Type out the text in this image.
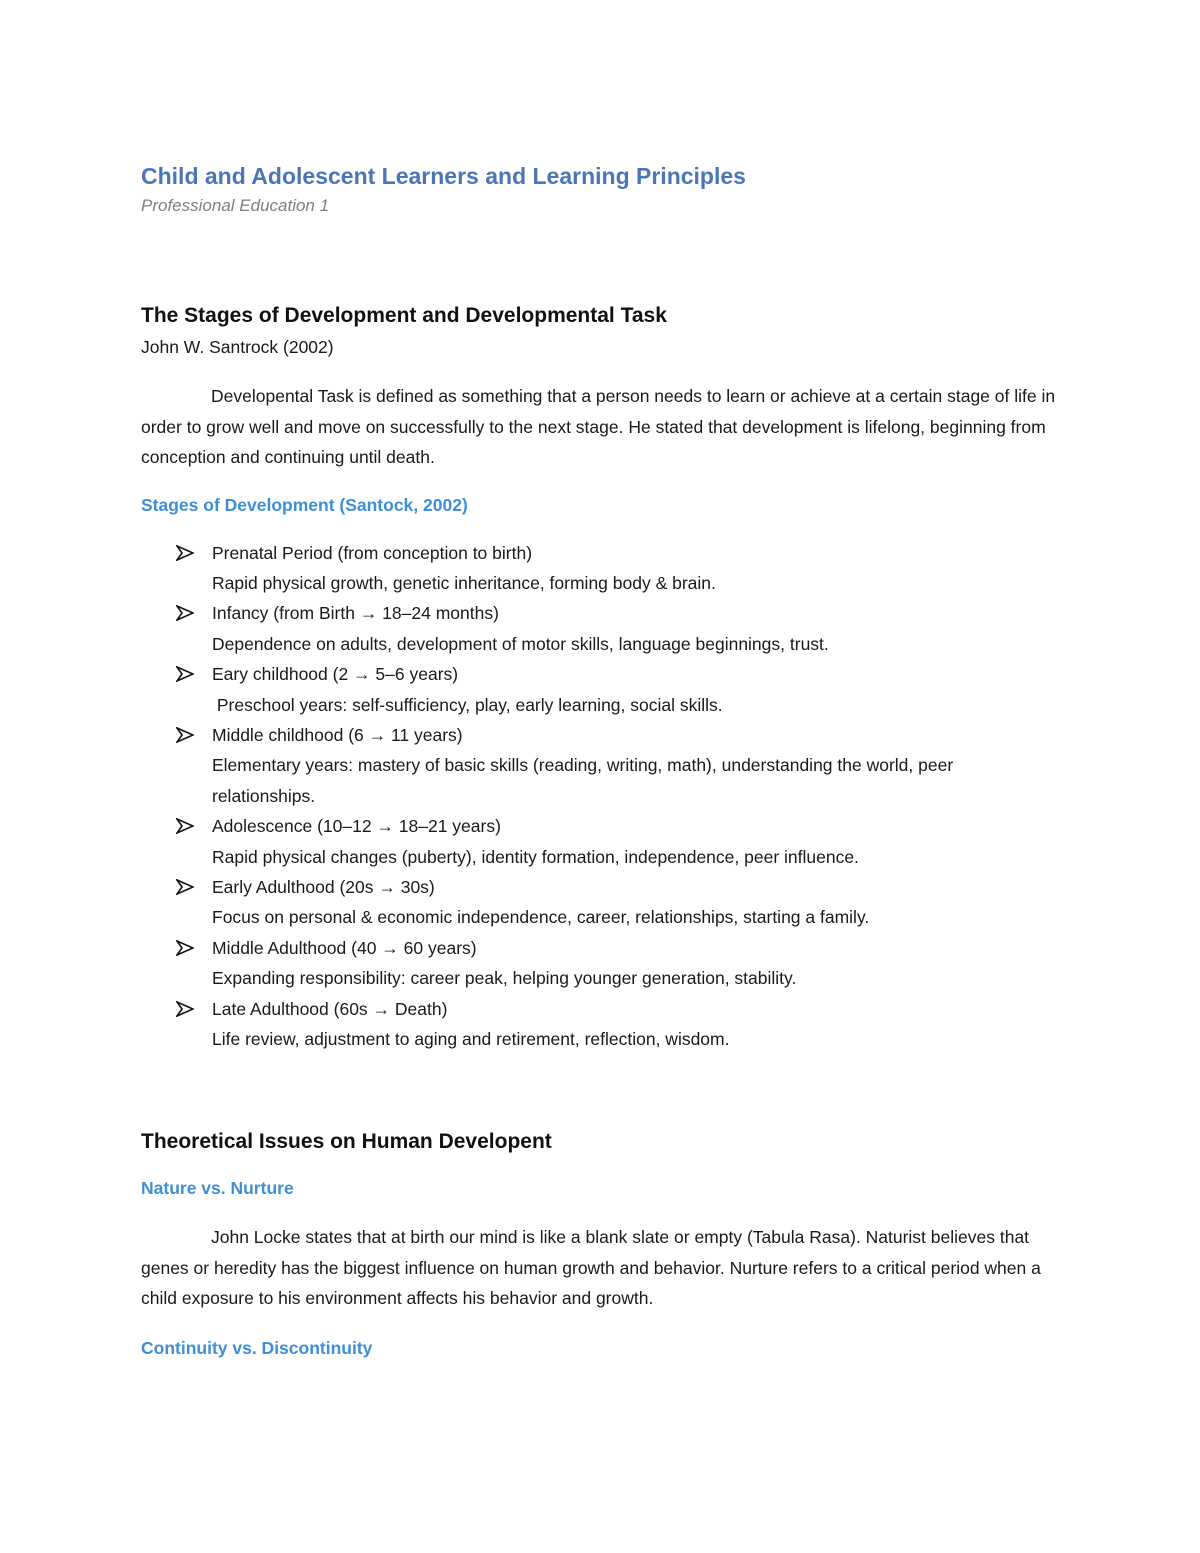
Child and Adolescent Learners and Learning Principles
Professional Education 1
The Stages of Development and Developmental Task
John W. Santrock (2002)

Developental Task is defined as something that a person needs to learn or achieve at a certain stage of life in order to grow well and move on successfully to the next stage. He stated that development is lifelong, beginning from conception and continuing until death.

Stages of Development (Santock, 2002)
Prenatal Period (from conception to birth)
Rapid physical growth, genetic inheritance, forming body & brain.
Infancy (from Birth → 18–24 months)
Dependence on adults, development of motor skills, language beginnings, trust.
Eary childhood (2 → 5–6 years)
Preschool years: self-sufficiency, play, early learning, social skills.
Middle childhood (6 → 11 years)
Elementary years: mastery of basic skills (reading, writing, math), understanding the world, peer relationships.
Adolescence (10–12 → 18–21 years)
Rapid physical changes (puberty), identity formation, independence, peer influence.
Early Adulthood (20s → 30s)
Focus on personal & economic independence, career, relationships, starting a family.
Middle Adulthood (40 → 60 years)
Expanding responsibility: career peak, helping younger generation, stability.
Late Adulthood (60s → Death)
Life review, adjustment to aging and retirement, reflection, wisdom.
Theoretical Issues on Human Developent
Nature vs. Nurture

John Locke states that at birth our mind is like a blank slate or empty (Tabula Rasa). Naturist believes that genes or heredity has the biggest influence on human growth and behavior. Nurture refers to a critical period when a child exposure to his environment affects his behavior and growth.

Continuity vs. Discontinuity
